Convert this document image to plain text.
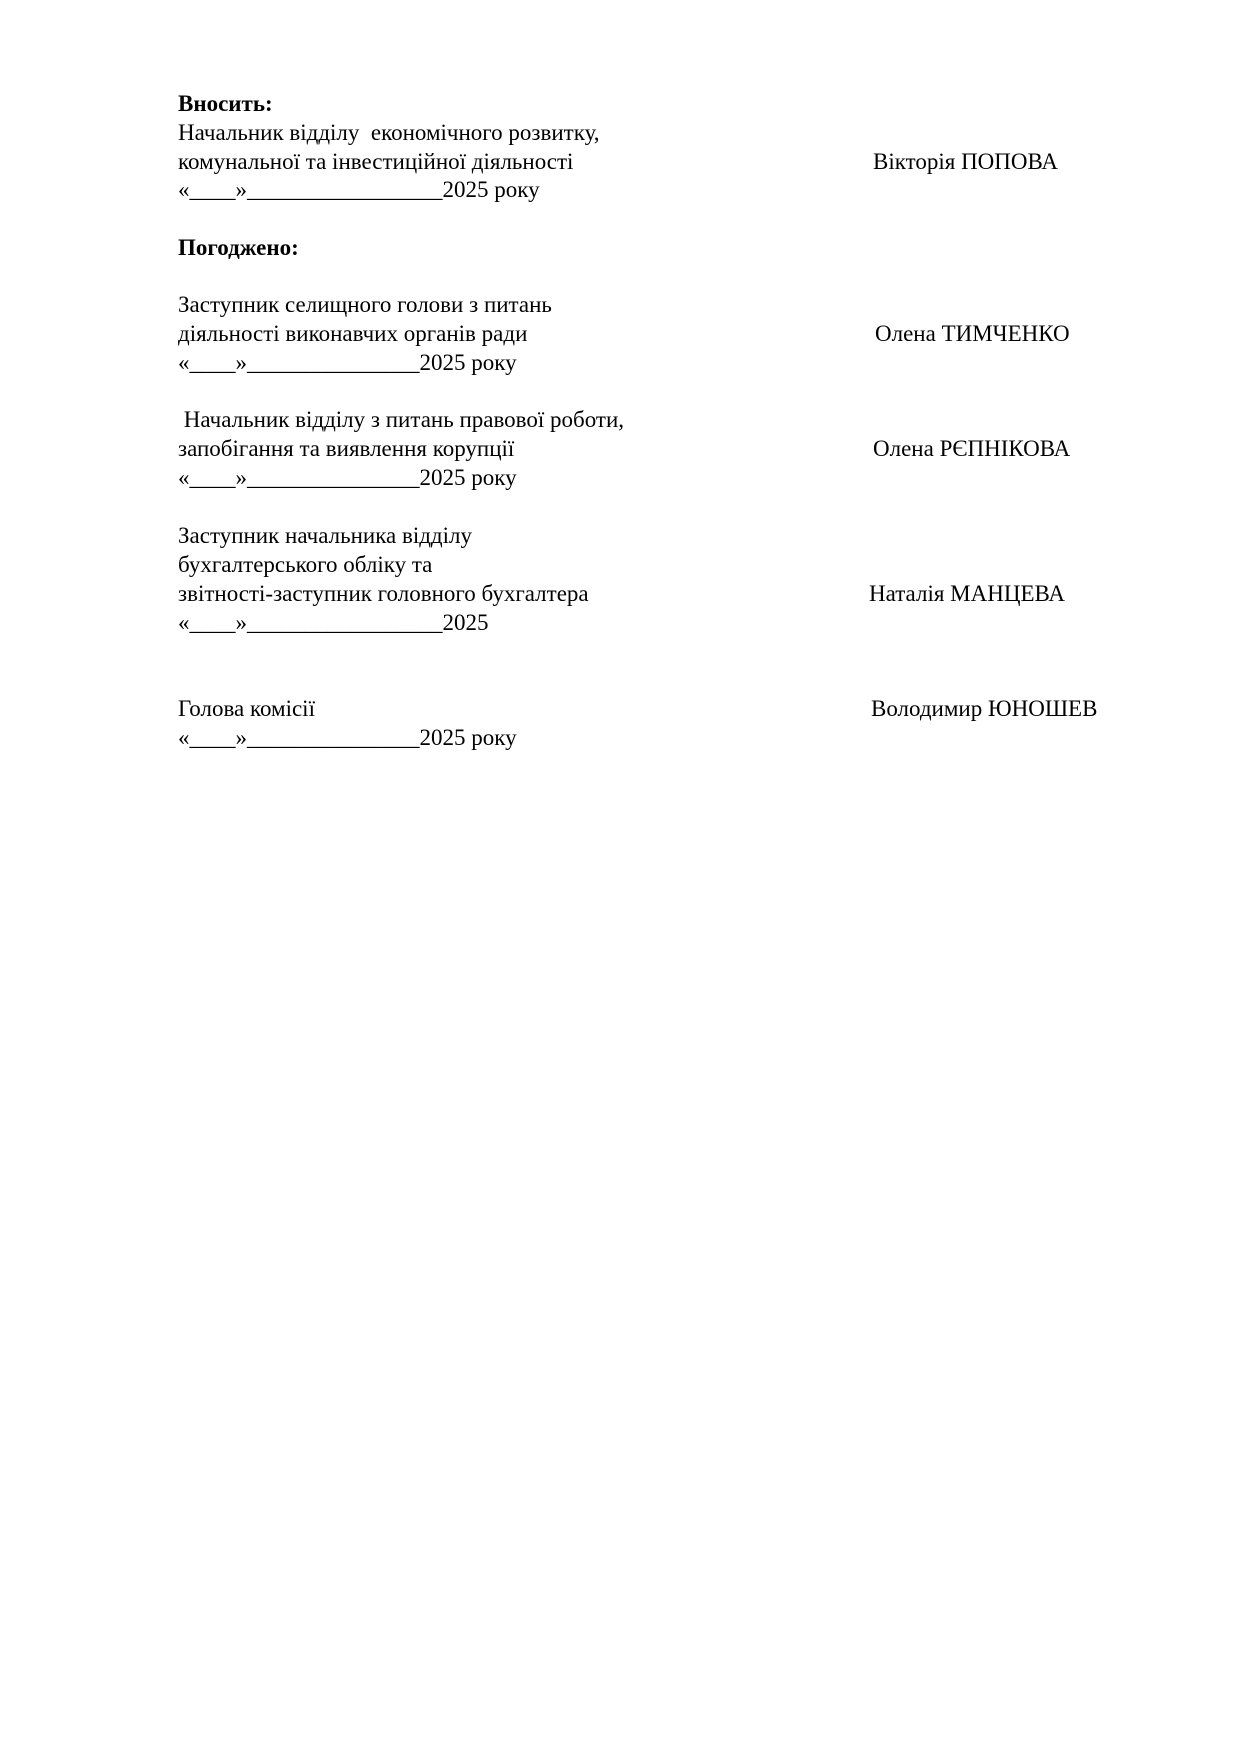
Вносить:
Начальник відділу  економічного розвитку,
комунальної та інвестиційної діяльності	Вікторія ПОПОВА
«____»_________________2025 року
Погоджено:
Заступник селищного голови з питань
діяльності виконавчих органів ради	Олена ТИМЧЕНКО
«____»_______________2025 року
Начальник відділу з питань правової роботи,
запобігання та виявлення корупції	Олена РЄПНІКОВА
«____»_______________2025 року
Заступник начальника відділу
бухгалтерського обліку та
звітності-заступник головного бухгалтера	Наталія МАНЦЕВА
«____»_________________2025
Голова комісії	Володимир ЮНОШЕВ
«____»_______________2025 року
